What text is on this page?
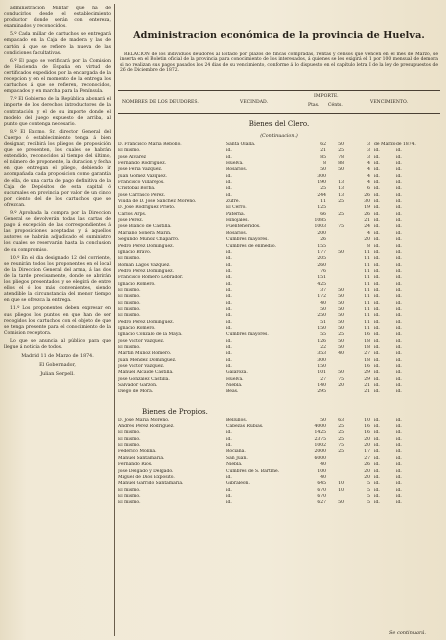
administracion Militar que ha de conducirlos desde el establecimiento productor donde serán con entereza, examinados y reconocidos.

5.º Cada millar de cartuchos se entregará empacado en la Caja de madera y las de cartón á que se refiere la nueva de las condiciones facultativas.

6.º El pago se verificará por la Comision de Hacienda de España en virtud de certificados expedidos por la encargada de la recepcion y en el momento de la entrega los cartuchos á que se refieren, reconocidos, empacados y en marcha para la Península.

7.º El Gobierno de la República abonará el importe de los derechos introductores de la contratación y el de su importe donde el modelo del juego expuesto de arriba, al punto que contenga necesario.

8.º El Excmo. Sr. director General del Cuerpo ó establecimiento tenga á bien designar, recibirá los pliegos de proposición que se presenten, los cuales se habrán extendido, reconocidos al tiempo del último, el número de proponente, la duracion y fecha en que entregan el pliego, debiendo ir acompañada cada proposicion como garantía de ella, de una carta de pago definitiva de la Caja de Depósitos de esta capital ó sucursales en provincia por valor de un cinco por ciento del de los cartuchos que se ofrezcan.

9.º Aprobada la compra por la Direccion General se devolverán todas las cartas de pago á excepción de las correspondientes á las proposiciones aceptadas y á aquellos autores se habrán adjudicado el suministro los cuales se reservarán hasta la conclusion de su compromiso.

10.º En el dia designado 12 del corriente, se reunirán todos los proponentes en el local de la Direccion General del arma, á las dos de la tarde precisamente, donde se abrirán los pliegos presentados y se elegirá de entre ellos el ó los más convenientes, siendo atendible la circunstancia del menor tiempo en que se ofrezca la entrega.

11.º Los proponentes deben expresar en sus pliegos los puntos en que han de ser recogidos los cartuchos con el objeto de que se tenga presente para el conocimiento de la Comision receptora.

Lo que se anuncia al público para que llegue á noticia de todos.

Madrid 11 de Marzo de 1874.

El Gobernador,

Julian Serpell.

Administracion económica de la provincia de Huelva.
RELACION de los individuos deudores al Estado por plazos de fincas compradas, rentas y censos que vencen en el mes de Marzo, se inserta en el Boletin oficial de la provincia para conocimiento de los interesados, á quienes se les exigirá el 1 por 100 mensual de demora si no realizan sus pagos pasados los 24 dias de su vencimiento, conforme á lo dispuesto en el capítulo letra I de la ley de presupuestos de 26 de Diciembre de 1872.
NOMBRES DE LOS DEUDORES.	VECINDAD.
IMPORTE.
Ptas. Cénts.
VENCIMIENTO.
Bienes del Clero.
(Continuacion.)
D. Francisco María Rebollo.	Santa Olalla.	62	50	3	de Marzo	de 1874.
El mismo.	id.	21	25	3	id.	id.
José Alvarez	id.	85	78	3	id.	id.
Fernando Rodriguez.	Huelva.	8	88	4	id.	id.
José Feria Vazquez.	Rosarios.	50	50	4	id.	id.
Juan Gomez Vazquez.	id.	300		4	id.	id.
Francisco Villarejos.	id.	190	13	4	id.	id.
Cristóbal Borba.	id.	25	13	6	id.	id.
José Carrasco Perez.	id.	244	13	26	id.	id.
Viuda de D. José Sanchez Moreno.	Zufre.	11	25	30	id.	id.
D. José Rodriguez Prieto.	El Cerro.	125		19	id.	id.
Cárlos Arps.	Paterna.	66	25	26	id.	id.
José Pérez.	Hinojales.	1085		21	id.	id.
José Blanco de Castilla.	Fuenteheridos.	1003	75	24	id.	id.
Mariano Sonera Marin.	Rosarios.	200		4	id.	id.
Segundo Muñoz Chaparro.	Cumbres mayores.	26		20	id.	id.
Pedro Pérez Dominguez.	Cumbres de enmedio.	155		8	id.	id.
Ignacio Bravo.	id.	177	50	11	id.	id.
El mismo.	id.	205		11	id.	id.
Roman Lagos Vazquez.	id.	260		11	id.	id.
Pedro Perez Dominguez.	id.	76		11	id.	id.
Francisco Romero Lebrador.	id.	151		11	id.	id.
Ignacio Romero.	id.	425		11	id.	id.
El mismo.	id.	37	50	11	id.	id.
El mismo.	id.	172	50	11	id.	id.
El mismo.	id.	40	50	11	id.	id.
El mismo.	id.	50	50	11	id.	id.
El mismo.	id.	250	50	11	id.	id.
Pedro Perez Dominguez.	id.	51	50	11	id.	id.
Ignacio Romero.	id.	150	50	11	id.	id.
Ignacio Conzalo de la Maya.	Cumbres mayores.	55	25	16	id.	id.
José Victor Vazquez.	id.	126	50	18	id.	id.
El mismo.	id.	22	50	18	id.	id.
Martin Muñoz Romero.	id.	353	40	27	id.	id.
Juan Mendez Dominguez.	id.	300		18	id.	id.
José Victor Vazquez.	id.	150		16	id.	id.
Manuel Alcaide Castilla.	Galaroza.	101	50	29	id.	id.
José Gonzalez Castilla.	Huelva.	27	75	29	id.	id.
Salvador Garzon.	Niebla.	140	20	21	id.	id.
Diego de Mora.	Beas.	295		21	id.	id.
Bienes de Propios.
D. José María Moreno.	Bellullos.	50	63	10	id.	id.
Andrés Perez Rodriguez.	Cabezas Rubias.	4000	25	16	id.	id.
El mismo.	id.	1425	25	16	id.	id.
El mismo.	id.	2375	25	20	id.	id.
El mismo.	id.	1002	75	20	id.	id.
Federico Molina.	Rociana.	2000	25	17	id.	id.
Manuel Santamaria.	San Juan.	6000		27	id.	id.
Fernando Ríos.	Niebla.	40		26	id.	id.
José Delgado y Delgado.	Cumbres de S. Bartmé.	100		20	id.	id.
Miguel de Dios Expósito.	id.	40		20	id.	id.
Manuel Garrido Santamaria.	Gibraleon.	645	10	5	id.	id.
El mismo.	id.	670	10	5	id.	id.
El mismo.	id.	670		5	id.	id.
El mismo.	id.	627	50	5	id.	id.
Se continuará.
